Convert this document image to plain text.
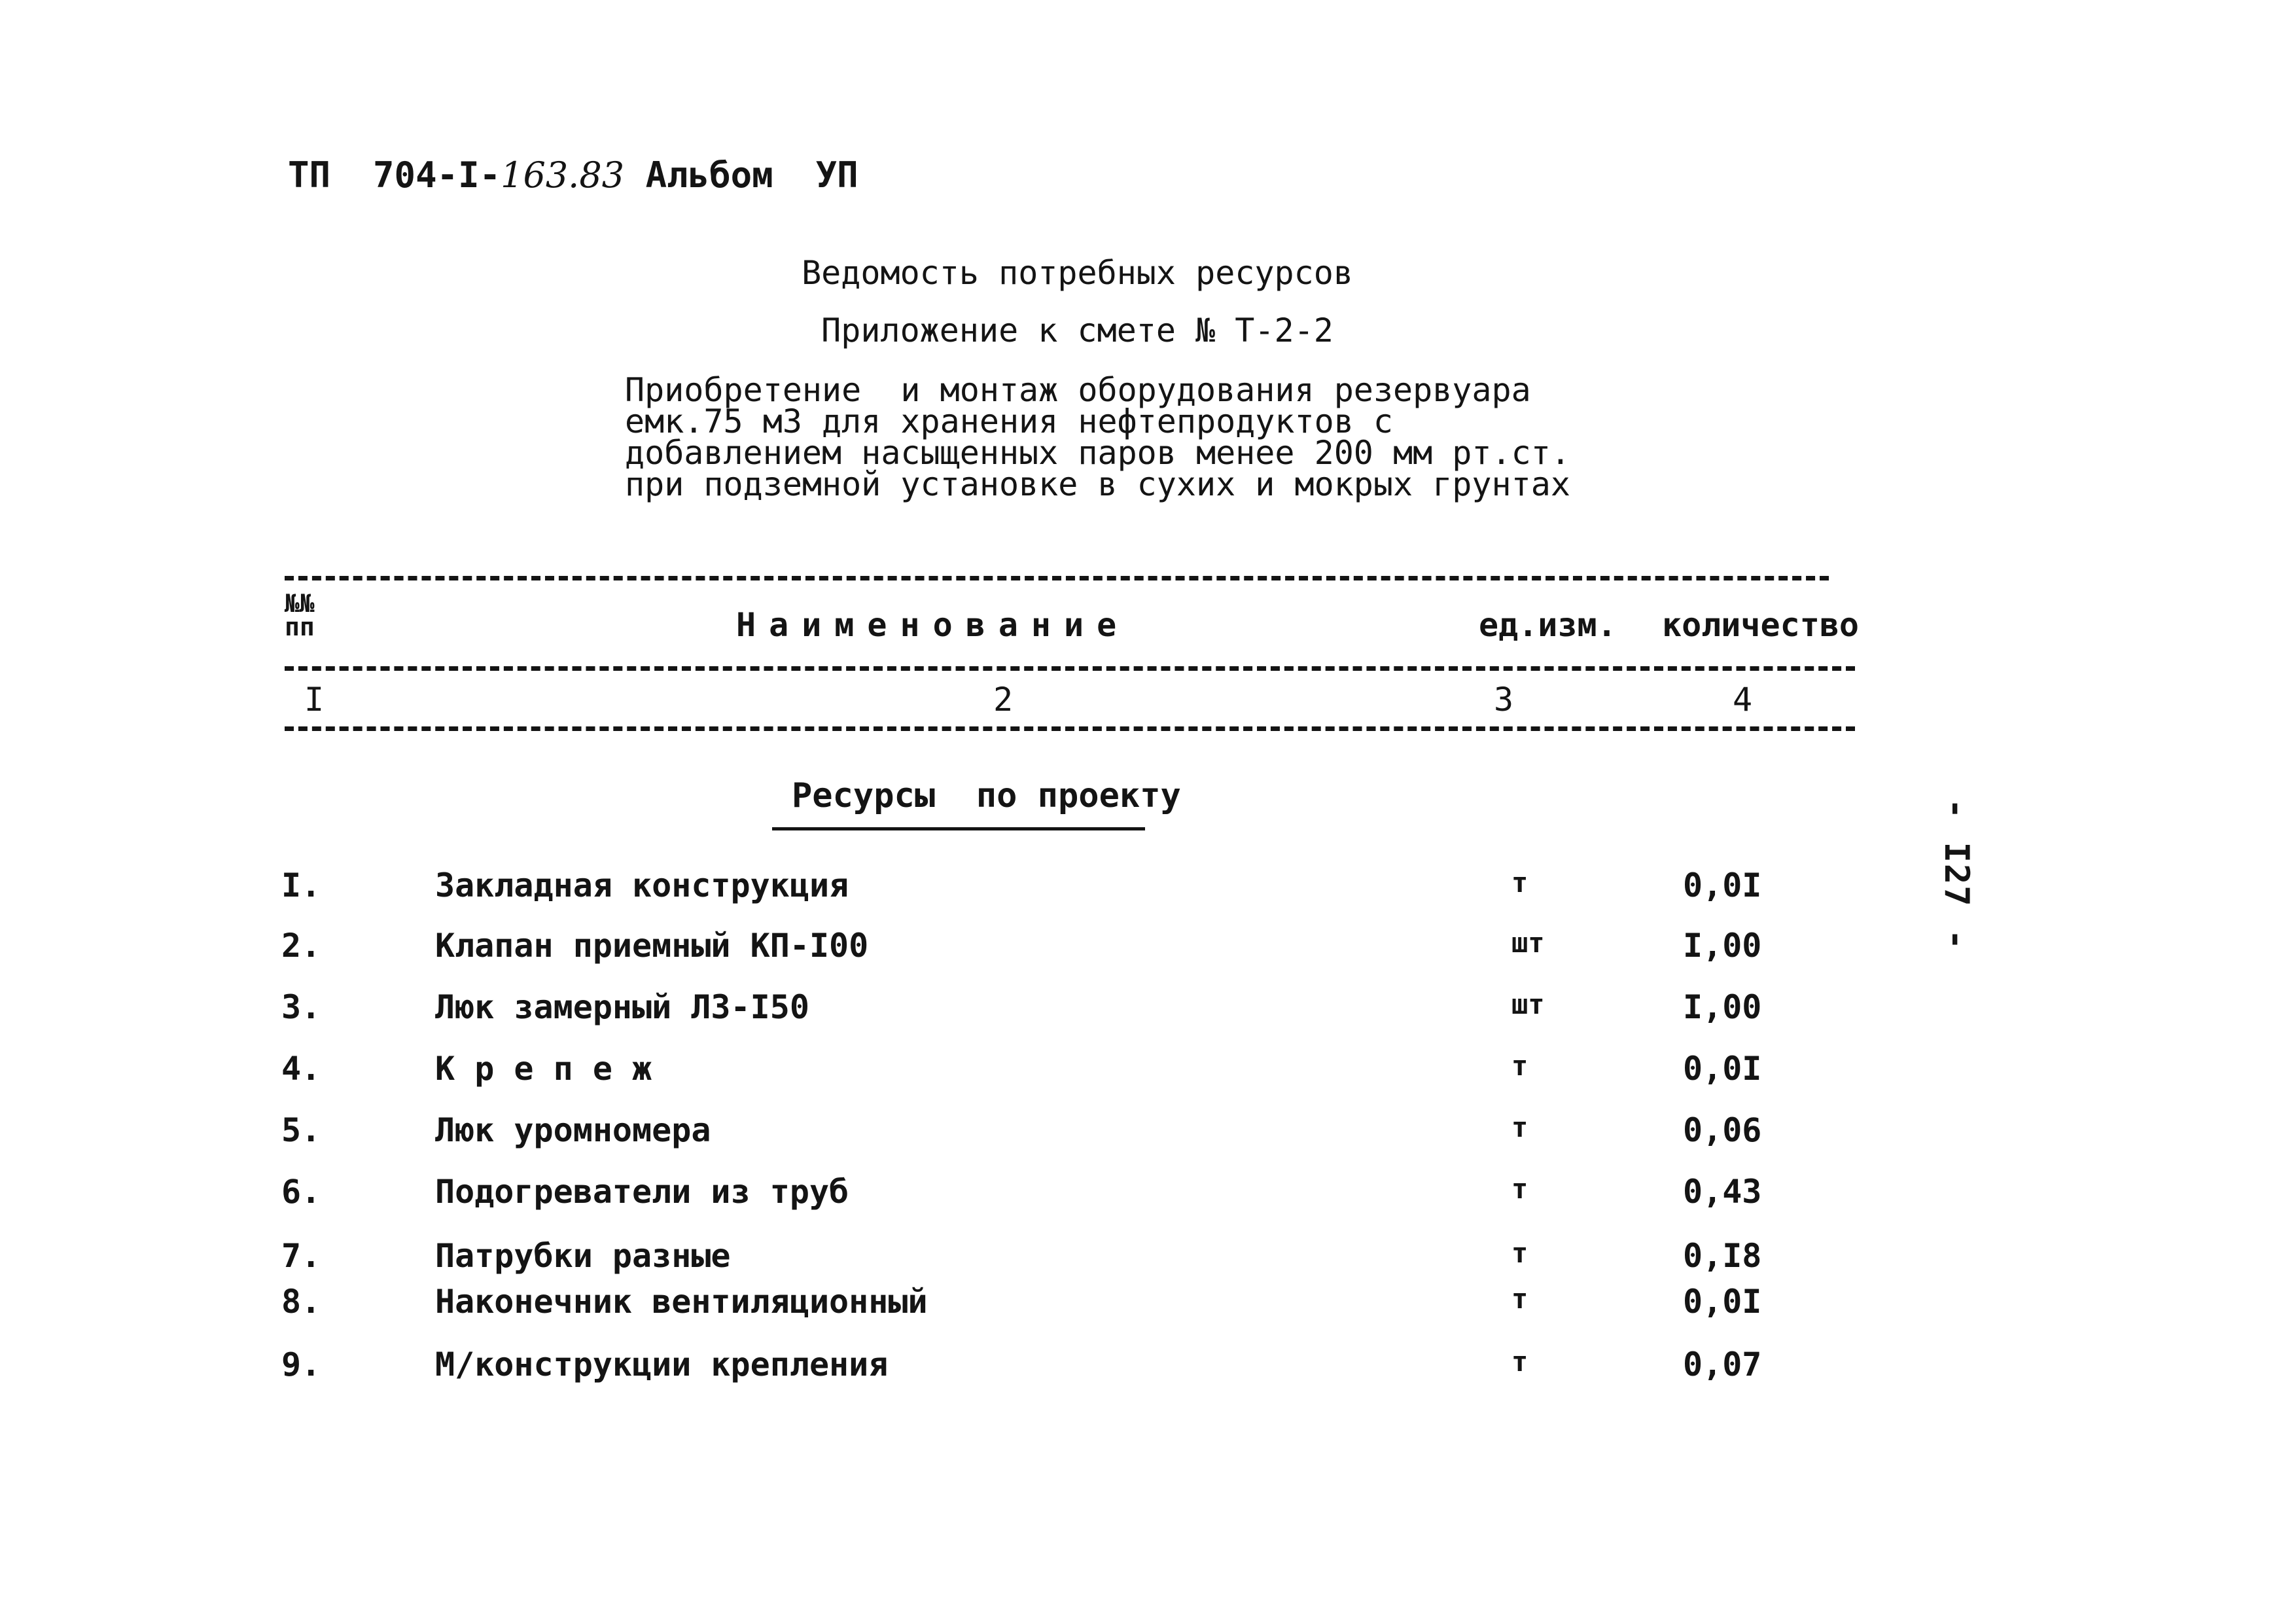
ТП  704-I-163.83 Альбом  УП
Ведомость потребных ресурсов
Приложение к смете № Т-2-2
Приобретение  и монтаж оборудования резервуара
емк.75 м3 для хранения нефтепродуктов с
добавлением насыщенных паров менее 200 мм рт.ст.
при подземной установке в сухих и мокрых грунтах
№№
пп	Наименование	ед.изм. количество
I	2	3	4
Ресурсы  по проекту
I.	Закладная конструкция	т	0,0I
2.	Клапан приемный КП-I00	шт	I,00
3.	Люк замерный ЛЗ-I50	шт	I,00
4.	К р е п е ж	т	0,0I
5.	Люк уромномера	т	0,06
6.	Подогреватели из труб	т	0,43
7.	Патрубки разные	т	0,I8
8.	Наконечник вентиляционный	т	0,0I
9.	М/конструкции крепления	т	0,07
- I27 -
